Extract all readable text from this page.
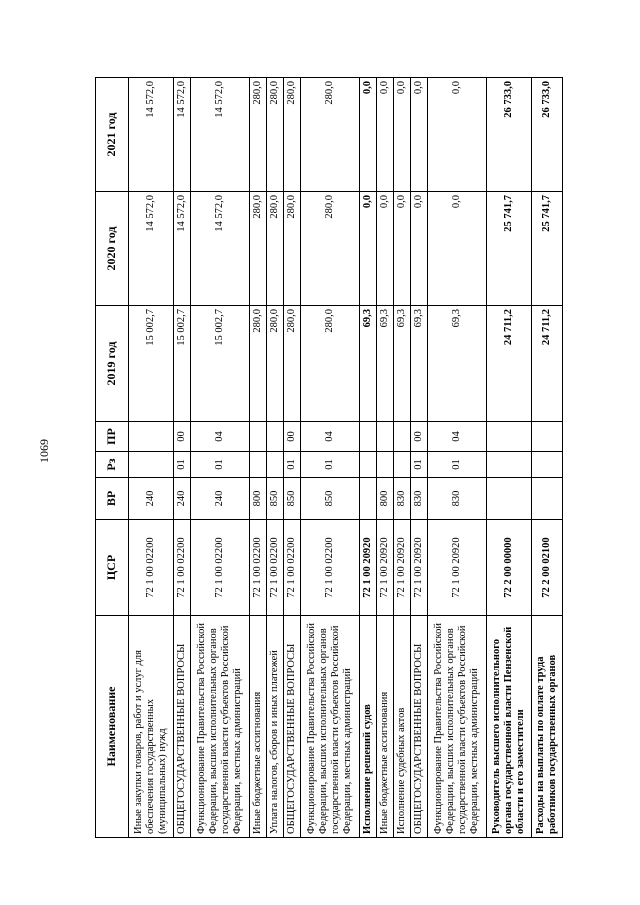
1069
Наименование	ЦСР	ВР	Рз	ПР	2019 год	2020 год	2021 год
Иные закупки товаров, работ и услуг для обеспечения государственных (муниципальных) нужд	72 1 00 02200	240			15 002,7	14 572,0	14 572,0
ОБЩЕГОСУДАРСТВЕННЫЕ ВОПРОСЫ	72 1 00 02200	240	01	00	15 002,7	14 572,0	14 572,0
Функционирование Правительства Российской Федерации, высших исполнительных органов государственной власти субъектов Российской Федерации, местных администраций	72 1 00 02200	240	01	04	15 002,7	14 572,0	14 572,0
Иные бюджетные ассигнования	72 1 00 02200	800			280,0	280,0	280,0
Уплата налогов, сборов и иных платежей	72 1 00 02200	850			280,0	280,0	280,0
ОБЩЕГОСУДАРСТВЕННЫЕ ВОПРОСЫ	72 1 00 02200	850	01	00	280,0	280,0	280,0
Функционирование Правительства Российской Федерации, высших исполнительных органов государственной власти субъектов Российской Федерации, местных администраций	72 1 00 02200	850	01	04	280,0	280,0	280,0
Исполнение решений судов	72 1 00 20920				69,3	0,0	0,0
Иные бюджетные ассигнования	72 1 00 20920	800			69,3	0,0	0,0
Исполнение судебных актов	72 1 00 20920	830			69,3	0,0	0,0
ОБЩЕГОСУДАРСТВЕННЫЕ ВОПРОСЫ	72 1 00 20920	830	01	00	69,3	0,0	0,0
Функционирование Правительства Российской Федерации, высших исполнительных органов государственной власти субъектов Российской Федерации, местных администраций	72 1 00 20920	830	01	04	69,3	0,0	0,0
Руководитель высшего исполнительного органа государственной власти Пензенской области и его заместители	72 2 00 00000				24 711,2	25 741,7	26 733,0
Расходы на выплаты по оплате труда работников государственных органов	72 2 00 02100				24 711,2	25 741,7	26 733,0
